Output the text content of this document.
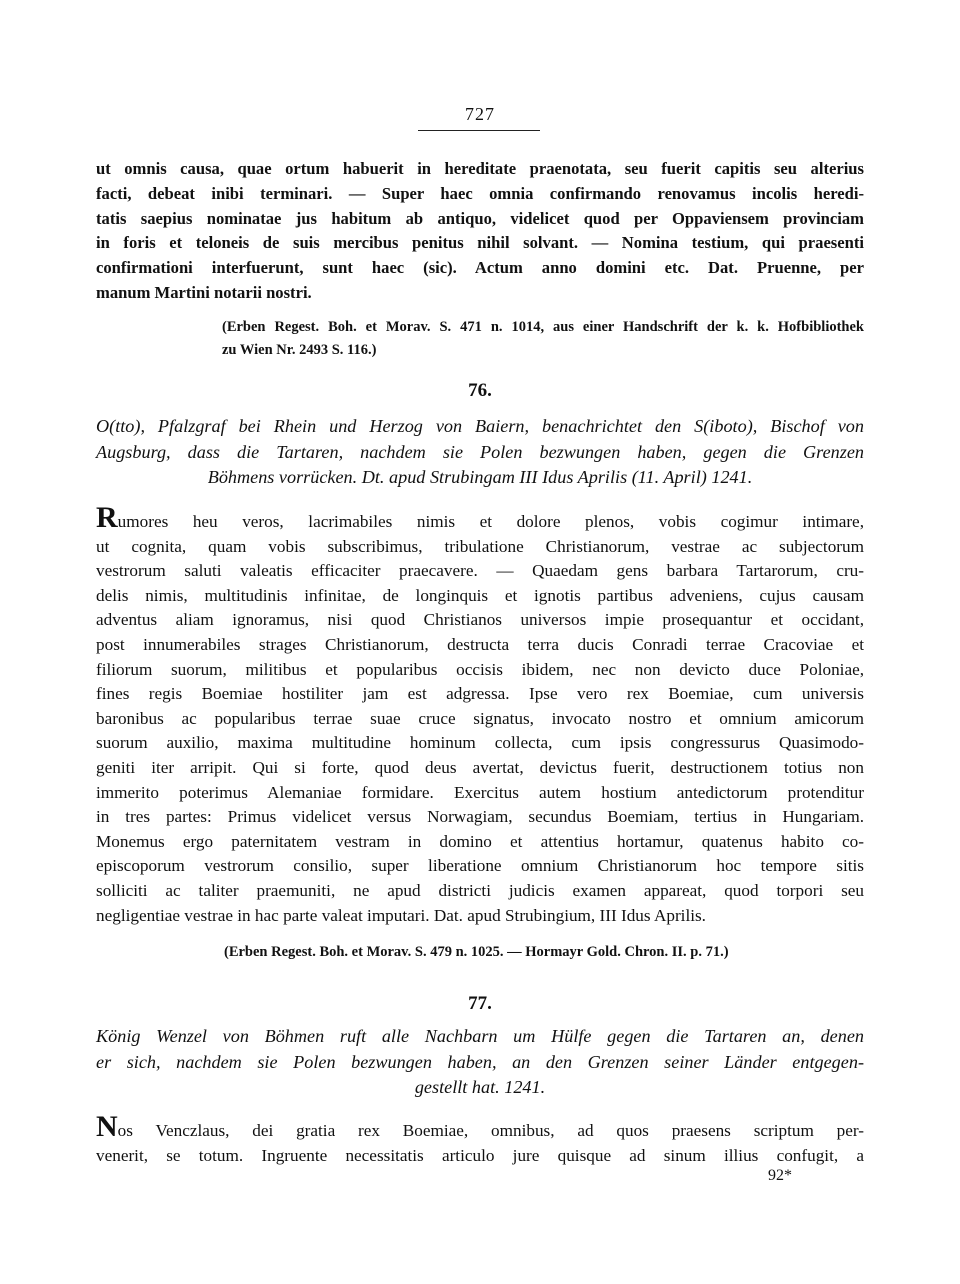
727
ut omnis causa, quae ortum habuerit in hereditate praenotata, seu fuerit capitis seu alterius
facti, debeat inibi terminari. — Super haec omnia confirmando renovamus incolis heredi-
tatis saepius nominatae jus habitum ab antiquo, videlicet quod per Oppaviensem provinciam
in foris et teloneis de suis mercibus penitus nihil solvant. — Nomina testium, qui praesenti
confirmationi interfuerunt, sunt haec (sic). Actum anno domini etc. Dat. Pruenne, per
manum Martini notarii nostri.
(Erben Regest. Boh. et Morav. S. 471 n. 1014, aus einer Handschrift der k. k. Hofbibliothek
zu Wien Nr. 2493 S. 116.)
76.
O(tto), Pfalzgraf bei Rhein und Herzog von Baiern, benachrichtet den S(iboto), Bischof von
Augsburg, dass die Tartaren, nachdem sie Polen bezwungen haben, gegen die Grenzen
Böhmens vorrücken. Dt. apud Strubingam III Idus Aprilis (11. April) 1241.
Rumores heu veros, lacrimabiles nimis et dolore plenos, vobis cogimur intimare,
ut cognita, quam vobis subscribimus, tribulatione Christianorum, vestrae ac subjectorum
vestrorum saluti valeatis efficaciter praecavere. — Quaedam gens barbara Tartarorum, cru-
delis nimis, multitudinis infinitae, de longinquis et ignotis partibus adveniens, cujus causam
adventus aliam ignoramus, nisi quod Christianos universos impie prosequantur et occidant,
post innumerabiles strages Christianorum, destructa terra ducis Conradi terrae Cracoviae et
filiorum suorum, militibus et popularibus occisis ibidem, nec non devicto duce Poloniae,
fines regis Boemiae hostiliter jam est adgressa. Ipse vero rex Boemiae, cum universis
baronibus ac popularibus terrae suae cruce signatus, invocato nostro et omnium amicorum
suorum auxilio, maxima multitudine hominum collecta, cum ipsis congressurus Quasimodo-
geniti iter arripit. Qui si forte, quod deus avertat, devictus fuerit, destructionem totius non
immerito poterimus Alemaniae formidare. Exercitus autem hostium antedictorum protenditur
in tres partes: Primus videlicet versus Norwagiam, secundus Boemiam, tertius in Hungariam.
Monemus ergo paternitatem vestram in domino et attentius hortamur, quatenus habito co-
episcoporum vestrorum consilio, super liberatione omnium Christianorum hoc tempore sitis
solliciti ac taliter praemuniti, ne apud districti judicis examen appareat, quod torpori seu
negligentiae vestrae in hac parte valeat imputari. Dat. apud Strubingium, III Idus Aprilis.
(Erben Regest. Boh. et Morav. S. 479 n. 1025. — Hormayr Gold. Chron. II. p. 71.)
77.
König Wenzel von Böhmen ruft alle Nachbarn um Hülfe gegen die Tartaren an, denen
er sich, nachdem sie Polen bezwungen haben, an den Grenzen seiner Länder entgegen-
gestellt hat. 1241.
Nos Venczlaus, dei gratia rex Boemiae, omnibus, ad quos praesens scriptum per-
venerit, se totum. Ingruente necessitatis articulo jure quisque ad sinum illius confugit, a
92*
